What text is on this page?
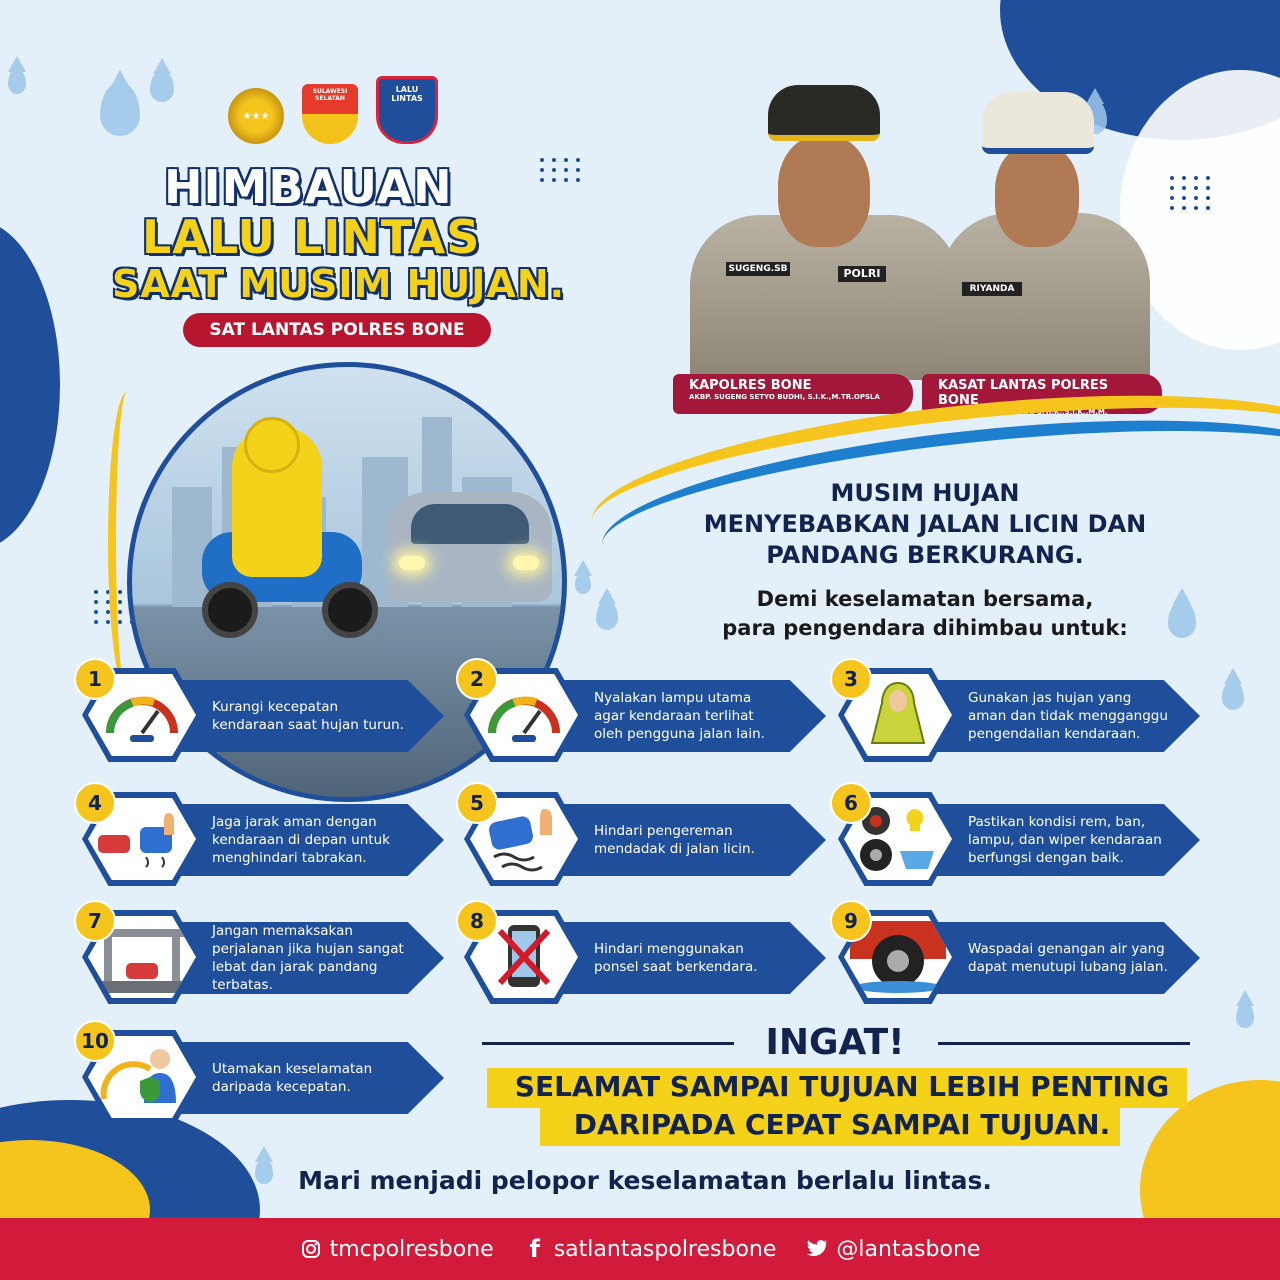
★★★
SULAWESI SELATAN
LALU LINTAS
HIMBAUAN
LALU LINTAS
SAAT MUSIM HUJAN.
SAT LANTAS POLRES BONE
SUGENG.SB	POLRI
RIYANDA
KAPOLRES BONE
AKBP. SUGENG SETYO BUDHI, S.I.K.,M.TR.OPSLA
KASAT LANTAS POLRES BONE
AKP. RIYANDA P. UTAMA, S.Tr.K.,S.I.K.,M.M.
MUSIM HUJAN
MENYEBABKAN JALAN LICIN DAN
PANDANG BERKURANG.
Demi keselamatan bersama,
para pengendara dihimbau untuk:
1
Kurangi kecepatan
kendaraan saat hujan turun.
2
Nyalakan lampu utama
agar kendaraan terlihat
oleh pengguna jalan lain.
3
Gunakan jas hujan yang
aman dan tidak mengganggu
pengendalian kendaraan.
4
Jaga jarak aman dengan
kendaraan di depan untuk
menghindari tabrakan.
5
Hindari pengereman
mendadak di jalan licin.
6
Pastikan kondisi rem, ban,
lampu, dan wiper kendaraan
berfungsi dengan baik.
7	Jangan memaksakan
perjalanan jika hujan sangat
lebat dan jarak pandang
terbatas.
8
Hindari menggunakan
ponsel saat berkendara.
9
Waspadai genangan air yang
dapat menutupi lubang jalan.
10
Utamakan keselamatan
daripada kecepatan.
INGAT!
SELAMAT SAMPAI TUJUAN LEBIH PENTING
DARIPADA CEPAT SAMPAI TUJUAN.
Mari menjadi pelopor keselamatan berlalu lintas.
tmcpolresbone f satlantaspolresbone	@lantasbone
